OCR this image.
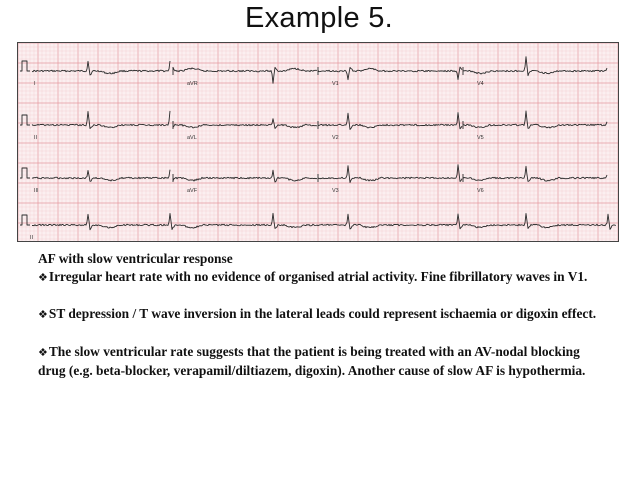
Example 5.
I	aVR	V1	V4
II	aVL	V2	V5
III	aVF	V3	V6
II

AF with slow ventricular response

❖Irregular heart rate with no evidence of organised atrial activity. Fine fibrillatory waves in V1.

❖ST depression / T wave inversion in the lateral leads could represent ischaemia or digoxin effect.

❖The slow ventricular rate suggests that the patient is being treated with an AV-nodal blocking drug (e.g. beta-blocker, verapamil/diltiazem, digoxin). Another cause of slow AF is hypothermia.
